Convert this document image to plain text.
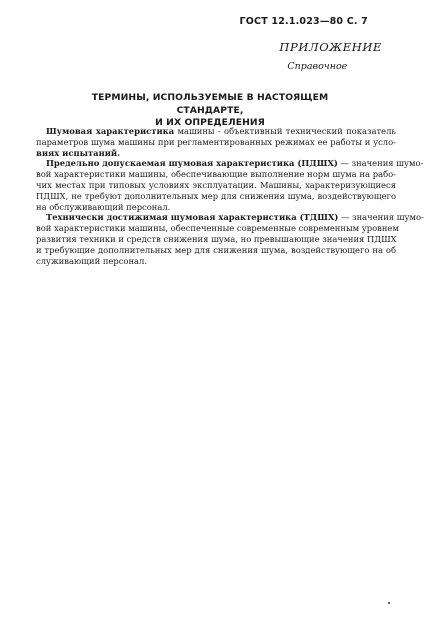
ГОСТ 12.1.023—80 С. 7
ПРИЛОЖЕНИЕ
Справочное
ТЕРМИНЫ, ИСПОЛЬЗУЕМЫЕ В НАСТОЯЩЕМ СТАНДАРТЕ,
И ИХ ОПРЕДЕЛЕНИЯ
Шумовая характеристика машины - объективный технический показатель
параметров шума машины при регламентированных режимах ее работы и усло-
виях испытаний.
Предельно допускаемая шумовая характеристика (ПДШХ) — значения шумо-
вой характеристики машины, обеспечивающие выполнение норм шума на рабо-
чих местах при типовых условиях эксплуатации. Машины, характеризующиеся
ПДШХ, не требуют дополнительных мер для снижения шума, воздействующего
на обслуживающий персонал.
Технически достижимая шумовая характеристика (ТДШХ) — значения шумо-
вой характеристики машины, обеспеченные современные современным уровнем
развития техники и средств снижения шума, но превышающие значения ПДШХ
и требующие дополнительных мер для снижения шума, воздействующего на об
служивающий персонал.
